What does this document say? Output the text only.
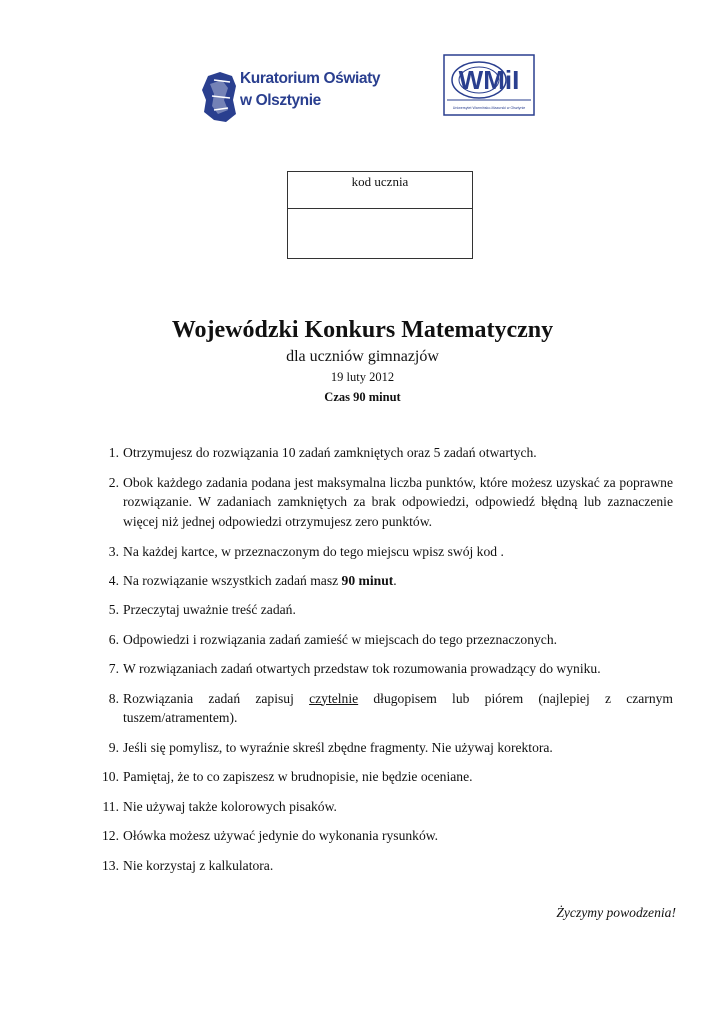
Kuratorium Oświaty
w Olsztynie
WMiI
Uniwersytet Warmińsko-Mazurski w Olsztynie
kod ucznia
Wojewódzki Konkurs Matematyczny
dla uczniów gimnazjów
19 luty 2012
Czas 90 minut
1. Otrzymujesz do rozwiązania 10 zadań zamkniętych oraz 5 zadań otwartych.
2. Obok każdego zadania podana jest maksymalna liczba punktów, które możesz uzyskać za poprawne rozwiązanie. W zadaniach zamkniętych za brak odpowiedzi, odpowiedź błędną lub zaznaczenie więcej niż jednej odpowiedzi otrzymujesz zero punktów.
3. Na każdej kartce, w przeznaczonym do tego miejscu wpisz swój kod .
4. Na rozwiązanie wszystkich zadań masz 90 minut.
5. Przeczytaj uważnie treść zadań.
6. Odpowiedzi i rozwiązania zadań zamieść w miejscach do tego przeznaczonych.
7. W rozwiązaniach zadań otwartych przedstaw tok rozumowania prowadzący do wyniku.
8. Rozwiązania zadań zapisuj czytelnie długopisem lub piórem (najlepiej z czarnym tuszem/atramentem).
9. Jeśli się pomylisz, to wyraźnie skreśl zbędne fragmenty. Nie używaj korektora.
10. Pamiętaj, że to co zapiszesz w brudnopisie, nie będzie oceniane.
11. Nie używaj także kolorowych pisaków.
12. Ołówka możesz używać jedynie do wykonania rysunków.
13. Nie korzystaj z kalkulatora.
Życzymy powodzenia!
